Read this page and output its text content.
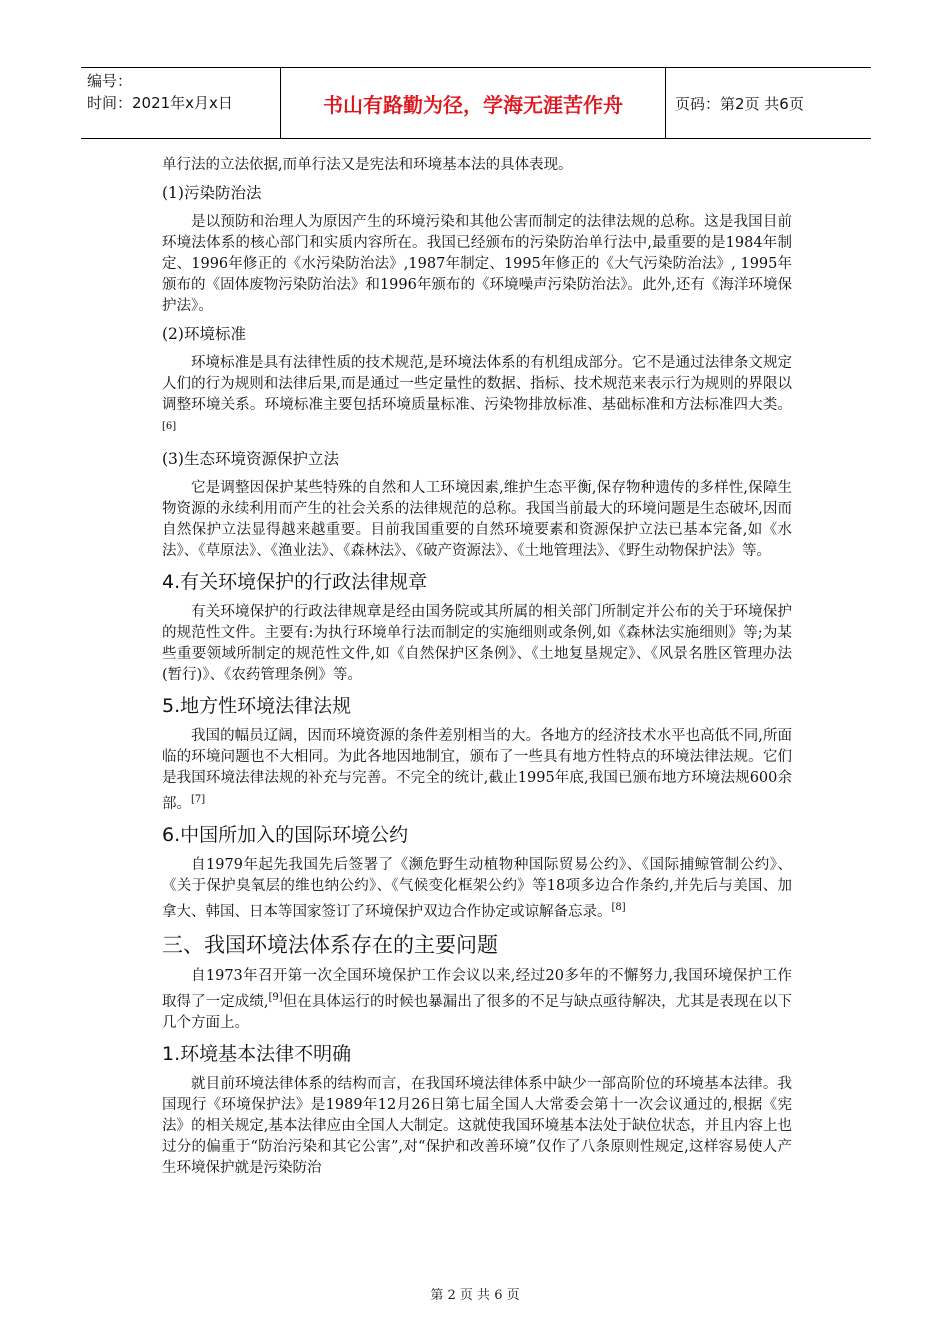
编号：
时间：2021年x月x日	书山有路勤为径，学海无涯苦作舟	页码：第2页 共6页

单行法的立法依据,而单行法又是宪法和环境基本法的具体表现。

(1)污染防治法

是以预防和治理人为原因产生的环境污染和其他公害而制定的法律法规的总称。这是我国目前环境法体系的核心部门和实质内容所在。我国已经颁布的污染防治单行法中,最重要的是1984年制定、1996年修正的《水污染防治法》,1987年制定、1995年修正的《大气污染防治法》, 1995年颁布的《固体废物污染防治法》和1996年颁布的《环境噪声污染防治法》。此外,还有《海洋环境保护法》。

(2)环境标准

环境标准是具有法律性质的技术规范,是环境法体系的有机组成部分。它不是通过法律条文规定人们的行为规则和法律后果,而是通过一些定量性的数据、指标、技术规范来表示行为规则的界限以调整环境关系。环境标准主要包括环境质量标准、污染物排放标准、基础标准和方法标准四大类。[6]

(3)生态环境资源保护立法

它是调整因保护某些特殊的自然和人工环境因素,维护生态平衡,保存物种遗传的多样性,保障生物资源的永续利用而产生的社会关系的法律规范的总称。我国当前最大的环境问题是生态破坏,因而自然保护立法显得越来越重要。目前我国重要的自然环境要素和资源保护立法已基本完备,如《水法》、《草原法》、《渔业法》、《森林法》、《破产资源法》、《土地管理法》、《野生动物保护法》等。

4.有关环境保护的行政法律规章

有关环境保护的行政法律规章是经由国务院或其所属的相关部门所制定并公布的关于环境保护的规范性文件。主要有:为执行环境单行法而制定的实施细则或条例,如《森林法实施细则》等;为某些重要领域所制定的规范性文件,如《自然保护区条例》、《土地复垦规定》、《风景名胜区管理办法(暂行)》、《农药管理条例》等。

5.地方性环境法律法规

我国的幅员辽阔，因而环境资源的条件差别相当的大。各地方的经济技术水平也高低不同,所面临的环境问题也不大相同。为此各地因地制宜，颁布了一些具有地方性特点的环境法律法规。它们是我国环境法律法规的补充与完善。不完全的统计,截止1995年底,我国已颁布地方环境法规600余部。[7]

6.中国所加入的国际环境公约

自1979年起先我国先后签署了《濒危野生动植物种国际贸易公约》、《国际捕鲸管制公约》、《关于保护臭氧层的维也纳公约》、《气候变化框架公约》等18项多边合作条约,并先后与美国、加拿大、韩国、日本等国家签订了环境保护双边合作协定或谅解备忘录。[8]

三、我国环境法体系存在的主要问题

自1973年召开第一次全国环境保护工作会议以来,经过20多年的不懈努力,我国环境保护工作取得了一定成绩,[9]但在具体运行的时候也暴漏出了很多的不足与缺点亟待解决，尤其是表现在以下几个方面上。

1.环境基本法律不明确

就目前环境法律体系的结构而言，在我国环境法律体系中缺少一部高阶位的环境基本法律。我国现行《环境保护法》是1989年12月26日第七届全国人大常委会第十一次会议通过的,根据《宪法》的相关规定,基本法律应由全国人大制定。这就使我国环境基本法处于缺位状态，并且内容上也过分的偏重于“防治污染和其它公害”,对“保护和改善环境”仅作了八条原则性规定,这样容易使人产生环境保护就是污染防治

第 2 页 共 6 页
